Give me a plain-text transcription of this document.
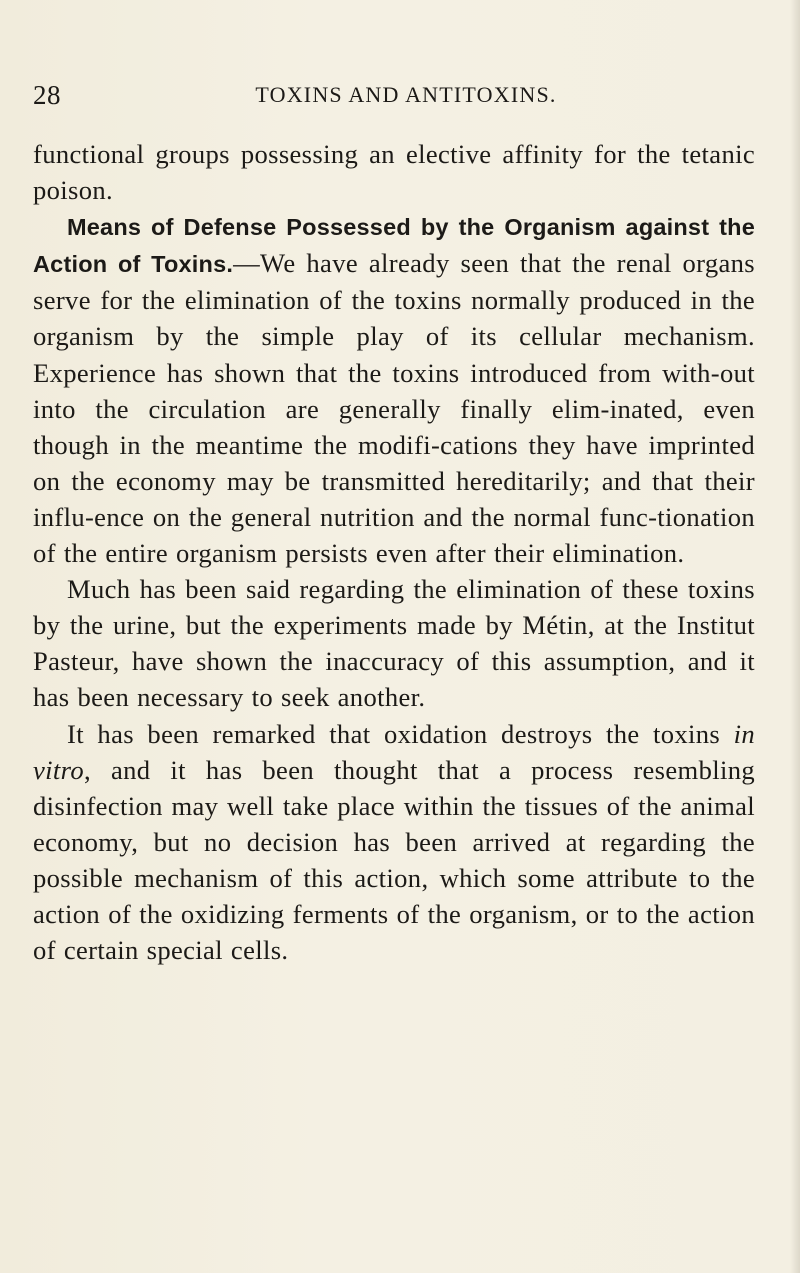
28	TOXINS AND ANTITOXINS.

functional groups possessing an elective affinity for the tetanic poison.

Means of Defense Possessed by the Organism against the Action of Toxins.—We have already seen that the renal organs serve for the elimination of the toxins normally produced in the organism by the simple play of its cellular mechanism. Experience has shown that the toxins introduced from with-out into the circulation are generally finally elim-inated, even though in the meantime the modifi-cations they have imprinted on the economy may be transmitted hereditarily; and that their influ-ence on the general nutrition and the normal func-tionation of the entire organism persists even after their elimination.

Much has been said regarding the elimination of these toxins by the urine, but the experiments made by Métin, at the Institut Pasteur, have shown the inaccuracy of this assumption, and it has been necessary to seek another.

It has been remarked that oxidation destroys the toxins in vitro, and it has been thought that a process resembling disinfection may well take place within the tissues of the animal economy, but no decision has been arrived at regarding the possible mechanism of this action, which some attribute to the action of the oxidizing ferments of the organism, or to the action of certain special cells.
